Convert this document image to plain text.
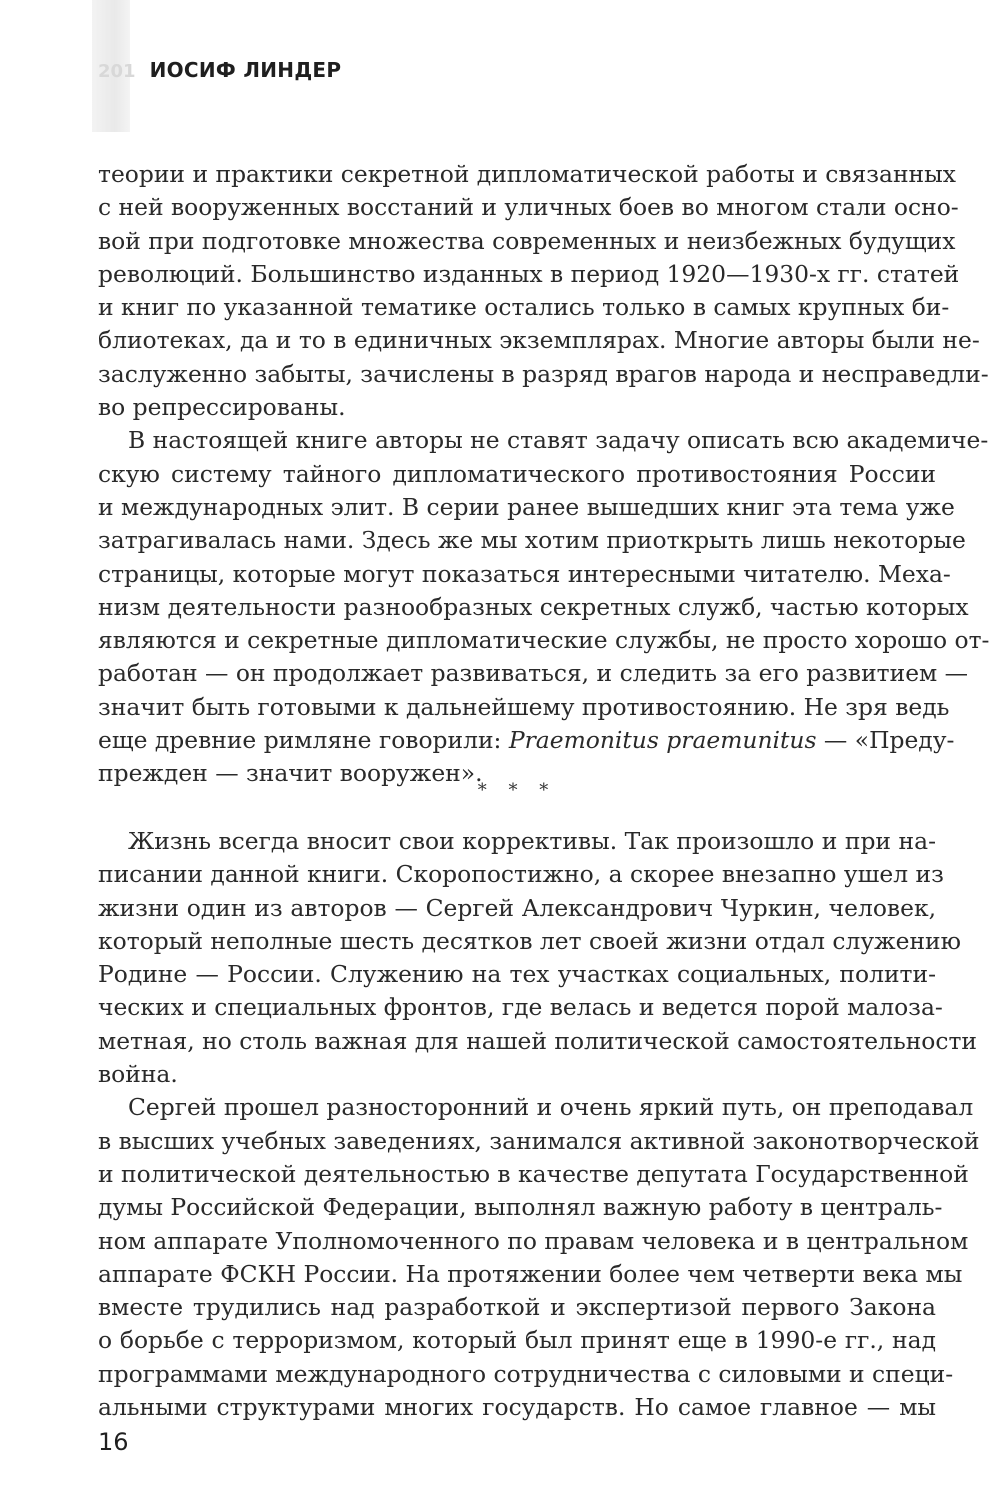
201 ИОСИФ ЛИНДЕР

теории и практики секретной дипломатической работы и связанных
с ней вооруженных восстаний и уличных боев во многом стали осно-
вой при подготовке множества современных и неизбежных будущих
революций. Большинство изданных в период 1920—1930-х гг. статей
и книг по указанной тематике остались только в самых крупных би-
блиотеках, да и то в единичных экземплярах. Многие авторы были не-
заслуженно забыты, зачислены в разряд врагов народа и несправедли-
во репрессированы.

В настоящей книге авторы не ставят задачу описать всю академиче-
скую систему тайного дипломатического противостояния России
и международных элит. В серии ранее вышедших книг эта тема уже
затрагивалась нами. Здесь же мы хотим приоткрыть лишь некоторые
страницы, которые могут показаться интересными читателю. Меха-
низм деятельности разнообразных секретных служб, частью которых
являются и секретные дипломатические службы, не просто хорошо от-
работан — он продолжает развиваться, и следить за его развитием —
значит быть готовыми к дальнейшему противостоянию. Не зря ведь
еще древние римляне говорили: Praemonitus praemunitus — «Преду-
прежден — значит вооружен».

* * *

Жизнь всегда вносит свои коррективы. Так произошло и при на-
писании данной книги. Скоропостижно, а скорее внезапно ушел из
жизни один из авторов — Сергей Александрович Чуркин, человек,
который неполные шесть десятков лет своей жизни отдал служению
Родине — России. Служению на тех участках социальных, полити-
ческих и специальных фронтов, где велась и ведется порой малоза-
метная, но столь важная для нашей политической самостоятельности
война.

Сергей прошел разносторонний и очень яркий путь, он преподавал
в высших учебных заведениях, занимался активной законотворческой
и политической деятельностью в качестве депутата Государственной
думы Российской Федерации, выполнял важную работу в централь-
ном аппарате Уполномоченного по правам человека и в центральном
аппарате ФСКН России. На протяжении более чем четверти века мы
вместе трудились над разработкой и экспертизой первого Закона
о борьбе с терроризмом, который был принят еще в 1990-е гг., над
программами международного сотрудничества с силовыми и специ-
альными структурами многих государств. Но самое главное — мы

16
